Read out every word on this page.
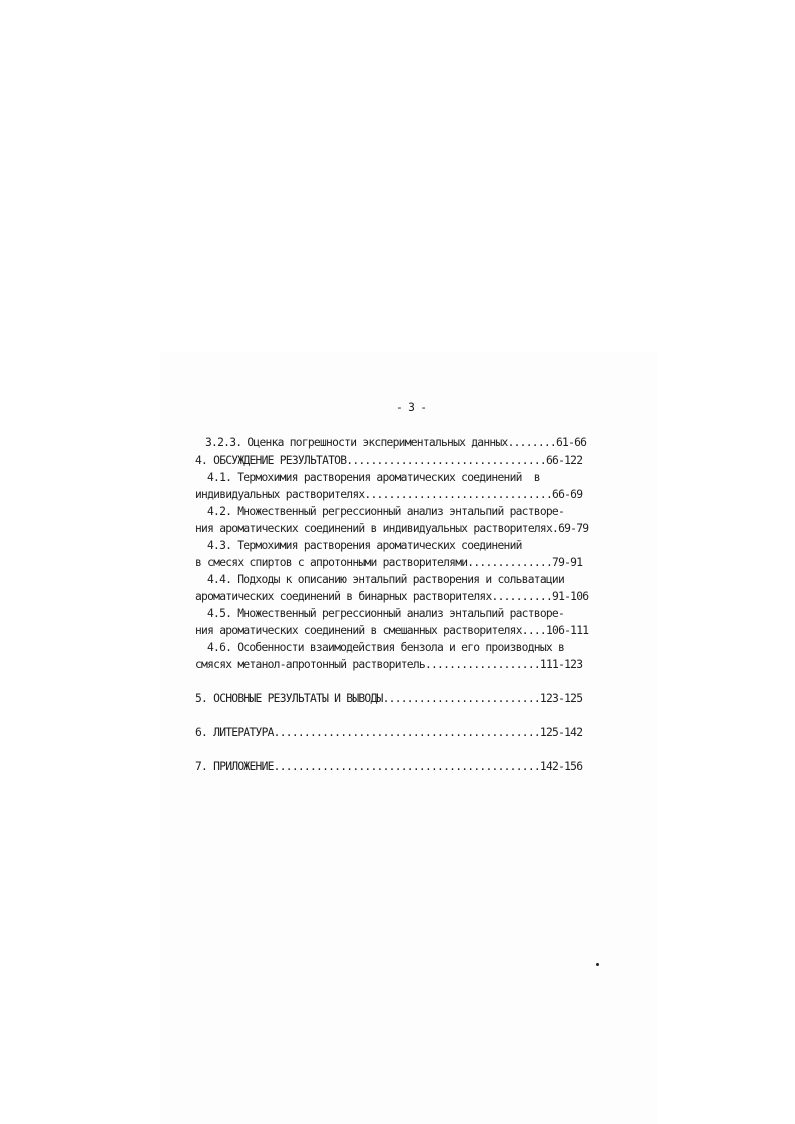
- 3 -

3.2.3. Оценка погрешности экспериментальных данных........61-66

4. ОБСУЖДЕНИЕ РЕЗУЛЬТАТОВ.................................66-122

4.1. Термохимия растворения ароматических соединений  в

индивидуальных растворителях...............................66-69

4.2. Множественный регрессионный анализ энтальпий растворе-

ния ароматических соединений в индивидуальных растворителях.69-79

4.3. Термохимия растворения ароматических соединений

в смесях спиртов с апротонными растворителями..............79-91

4.4. Подходы к описанию энтальпий растворения и сольватации

ароматических соединений в бинарных растворителях..........91-106

4.5. Множественный регрессионный анализ энтальпий растворе-

ния ароматических соединений в смешанных растворителях....106-111

4.6. Особенности взаимодействия бензола и его производных в

смясях метанол-апротонный растворитель...................111-123

5. ОСНОВНЫЕ РЕЗУЛЬТАТЫ И ВЫВОДЫ..........................123-125

6. ЛИТЕРАТУРА............................................125-142

7. ПРИЛОЖЕНИЕ............................................142-156
